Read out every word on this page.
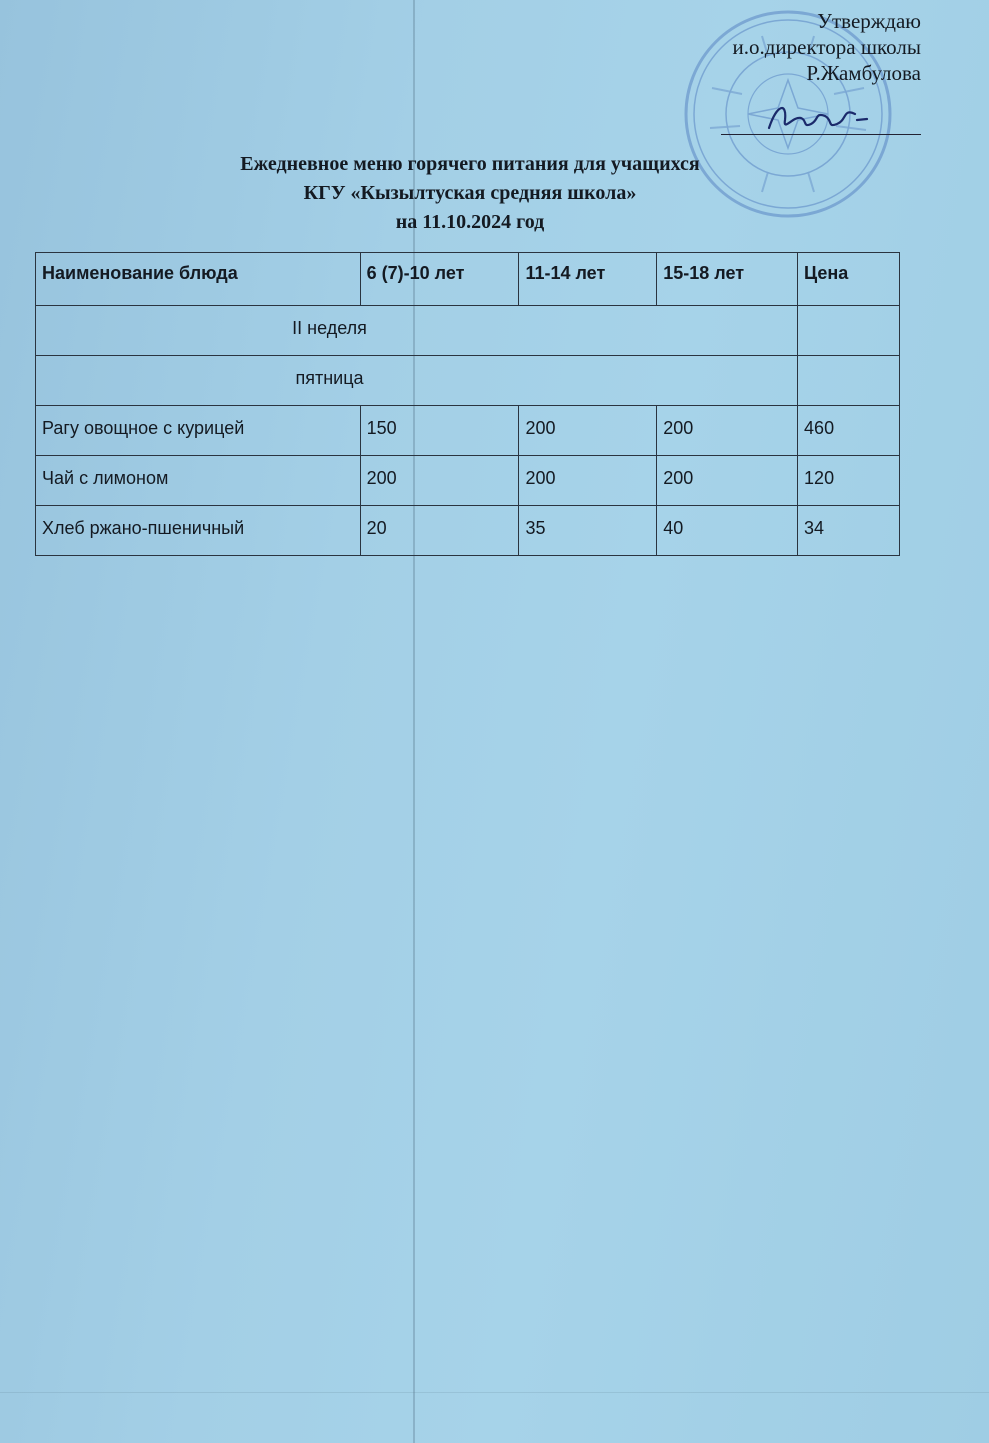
Утверждаю
и.о.директора школы
Р.Жамбулова
Ежедневное меню горячего питания для учащихся
КГУ «Кызылтуская средняя школа»
на 11.10.2024 год
Наименование блюда	6 (7)-10 лет	11-14 лет	15-18 лет	Цена
II неделя				
пятница				
Рагу овощное с курицей	150	200	200	460
Чай с лимоном	200	200	200	120
Хлеб ржано-пшеничный	20	35	40	34
